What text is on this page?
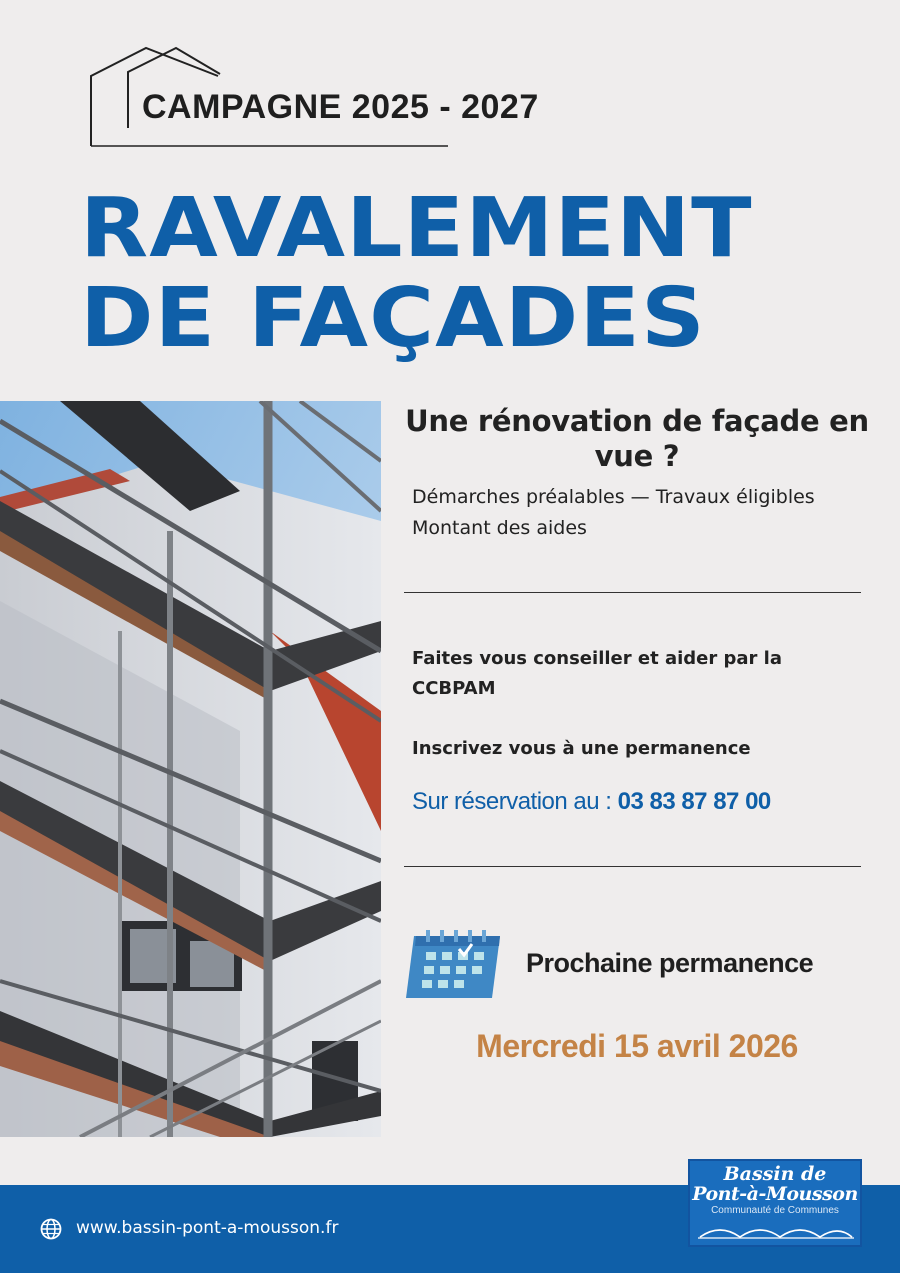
CAMPAGNE 2025 - 2027
RAVALEMENT
DE FAÇADES
Une rénovation de façade en vue ?
Démarches préalables — Travaux éligibles
Montant des aides
Faites vous conseiller et aider par la CCBPAM
Inscrivez vous à une permanence
Sur réservation au : 03 83 87 87 00
Prochaine permanence
Mercredi 15 avril 2026
www.bassin-pont-a-mousson.fr
Bassin de
Pont-à-Mousson
Communauté de Communes
